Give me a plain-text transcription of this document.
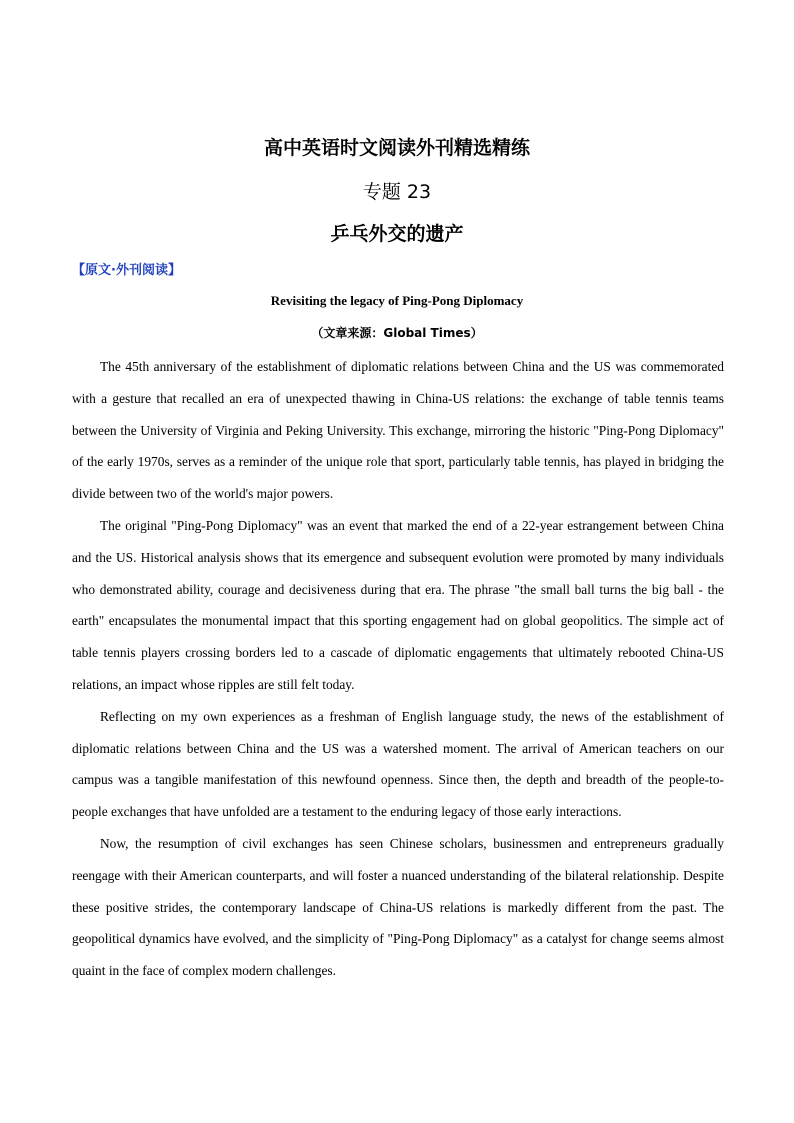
高中英语时文阅读外刊精选精练
专题 23
乒乓外交的遗产
【原文·外刊阅读】
Revisiting the legacy of Ping-Pong Diplomacy
（文章来源：Global Times）

The 45th anniversary of the establishment of diplomatic relations between China and the US was commemorated with a gesture that recalled an era of unexpected thawing in China-US relations: the exchange of table tennis teams between the University of Virginia and Peking University. This exchange, mirroring the historic "Ping-Pong Diplomacy" of the early 1970s, serves as a reminder of the unique role that sport, particularly table tennis, has played in bridging the divide between two of the world's major powers.

The original "Ping-Pong Diplomacy" was an event that marked the end of a 22-year estrangement between China and the US. Historical analysis shows that its emergence and subsequent evolution were promoted by many individuals who demonstrated ability, courage and decisiveness during that era. The phrase "the small ball turns the big ball - the earth" encapsulates the monumental impact that this sporting engagement had on global geopolitics. The simple act of table tennis players crossing borders led to a cascade of diplomatic engagements that ultimately rebooted China-US relations, an impact whose ripples are still felt today.

Reflecting on my own experiences as a freshman of English language study, the news of the establishment of diplomatic relations between China and the US was a watershed moment. The arrival of American teachers on our campus was a tangible manifestation of this newfound openness. Since then, the depth and breadth of the people-to-people exchanges that have unfolded are a testament to the enduring legacy of those early interactions.

Now, the resumption of civil exchanges has seen Chinese scholars, businessmen and entrepreneurs gradually reengage with their American counterparts, and will foster a nuanced understanding of the bilateral relationship. Despite these positive strides, the contemporary landscape of China-US relations is markedly different from the past. The geopolitical dynamics have evolved, and the simplicity of "Ping-Pong Diplomacy" as a catalyst for change seems almost quaint in the face of complex modern challenges.
